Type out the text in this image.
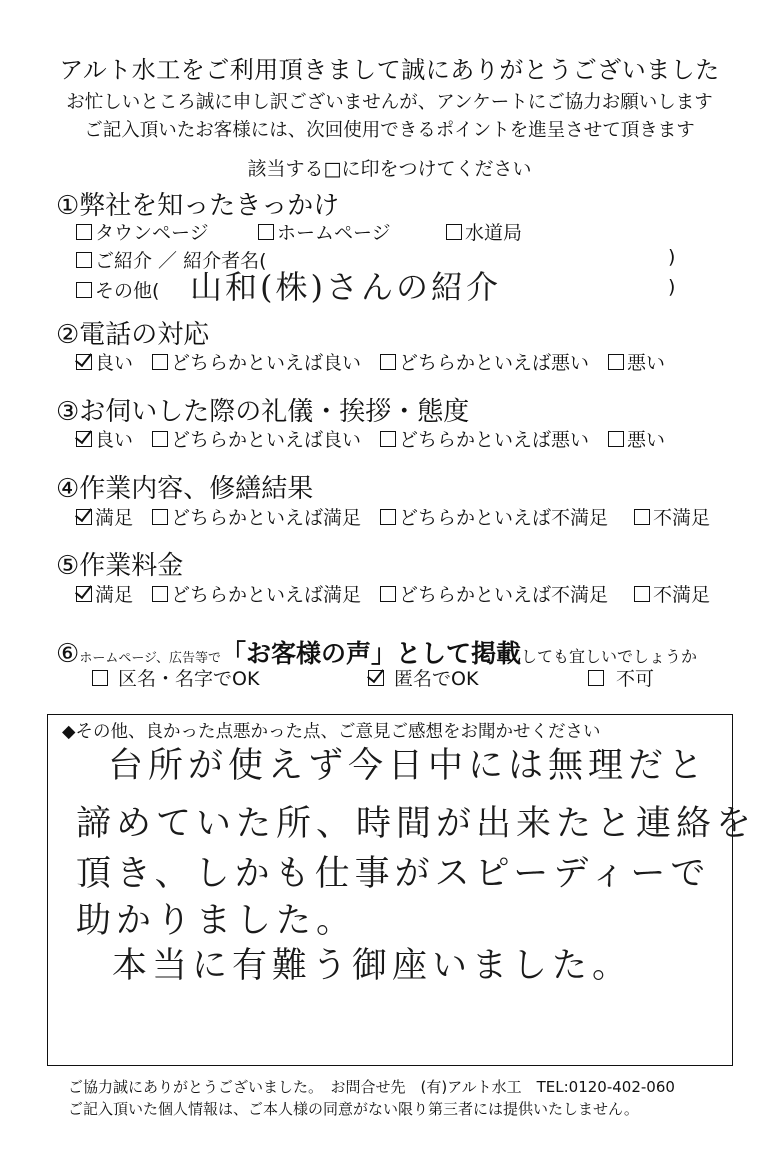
アルト水工をご利用頂きまして誠にありがとうございました
お忙しいところ誠に申し訳ございませんが、アンケートにご協力お願いします
ご記入頂いたお客様には、次回使用できるポイントを進呈させて頂きます
該当する□に印をつけてください
①弊社を知ったきっかけ
タウンページ	ホームページ	水道局
ご紹介 ／ 紹介者名(	)
その他( 山和(株)さんの紹介	)
②電話の対応
良い どちらかといえば良い どちらかといえば悪い 悪い
③お伺いした際の礼儀・挨拶・態度
良い どちらかといえば良い どちらかといえば悪い 悪い
④作業内容、修繕結果
満足 どちらかといえば満足 どちらかといえば不満足 不満足
⑤作業料金
満足 どちらかといえば満足 どちらかといえば不満足 不満足
⑥ ホームページ、広告等で 「お客様の声」として掲載 しても宜しいでしょうか
区名・名字でOK	匿名でOK	不可
◆その他、良かった点悪かった点、ご意見ご感想をお聞かせください
台所が使えず今日中には無理だと
諦めていた所、時間が出来たと連絡を
頂き、しかも仕事がスピーディーで
助かりました。
本当に有難う御座いました。
ご協力誠にありがとうございました。　お問合せ先　(有)アルト水工　TEL:0120-402-060
ご記入頂いた個人情報は、ご本人様の同意がない限り第三者には提供いたしません。
